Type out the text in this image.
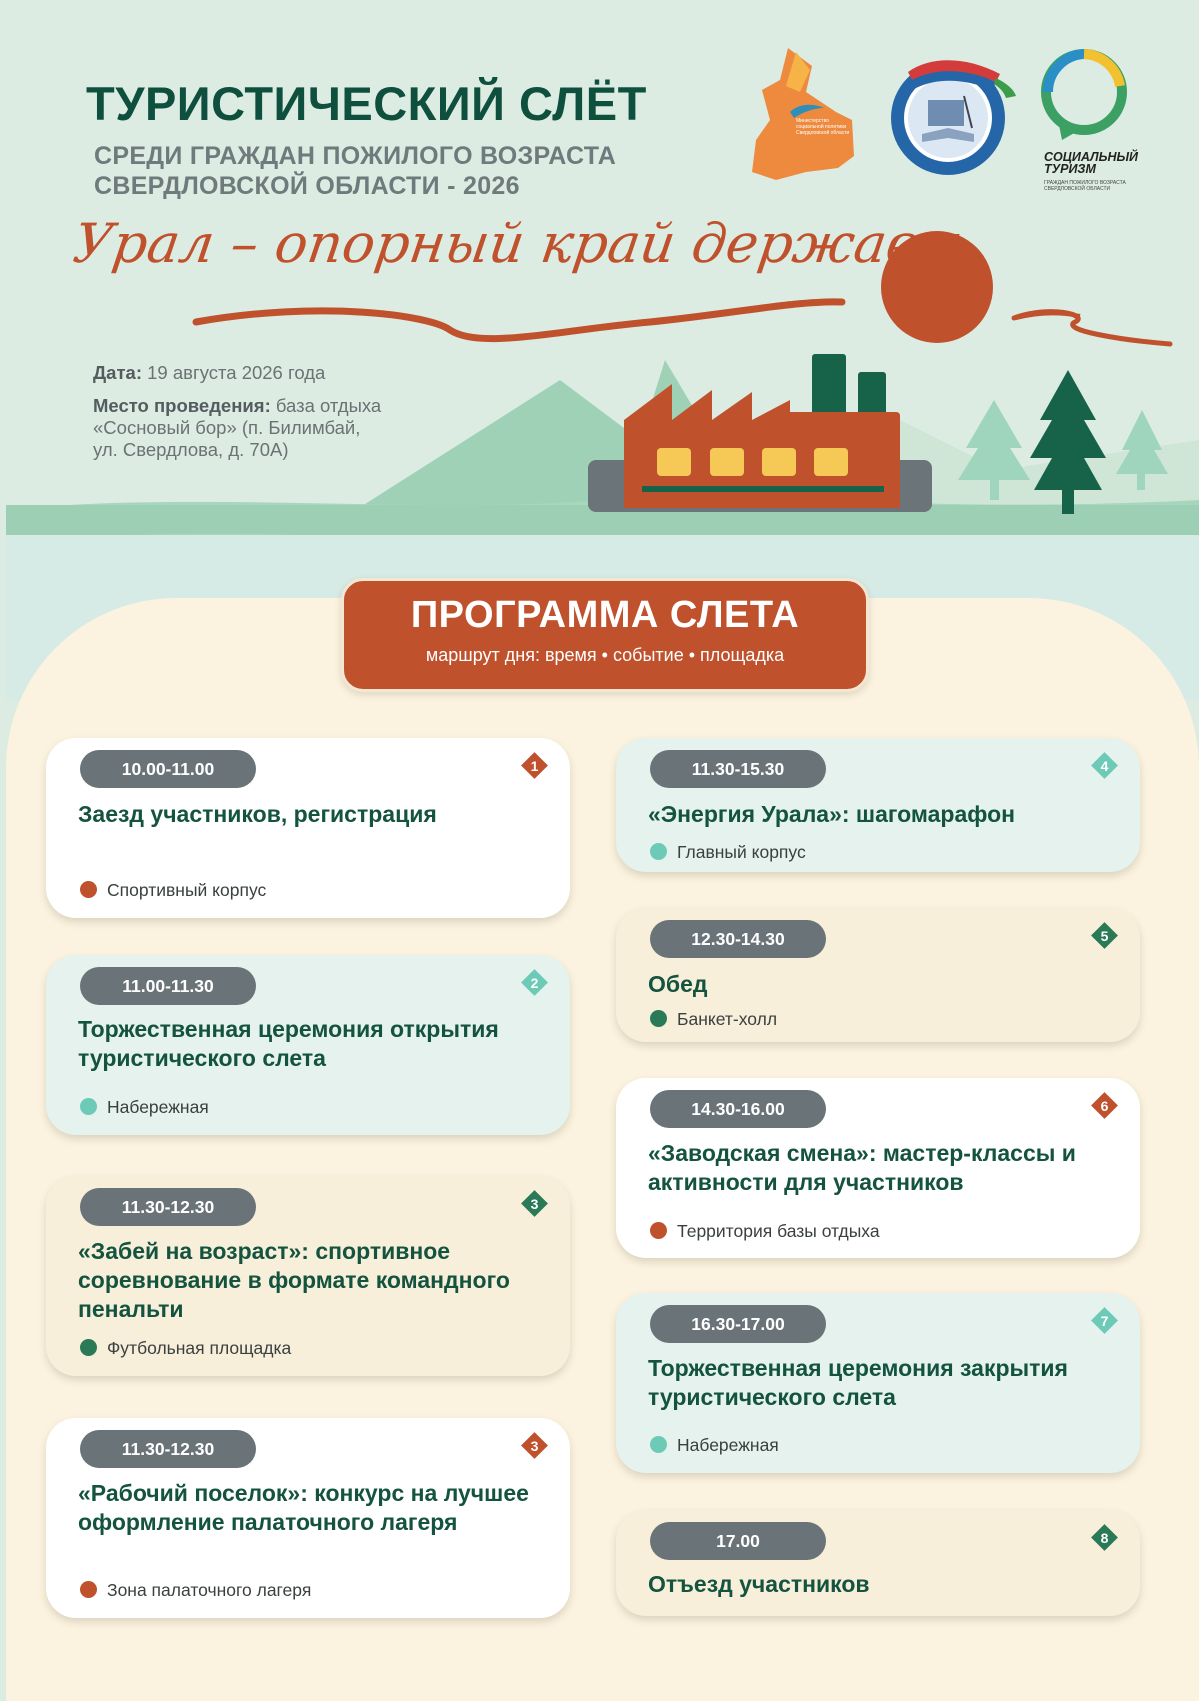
ТУРИСТИЧЕСКИЙ СЛЁТ
СРЕДИ ГРАЖДАН ПОЖИЛОГО ВОЗРАСТА
СВЕРДЛОВСКОЙ ОБЛАСТИ - 2026
Урал – опорный край державы
Дата: 19 августа 2026 года
Место проведения: база отдыха
«Сосновый бор» (п. Билимбай,
ул. Свердлова, д. 70А)
СОЦИАЛЬНЫЙ ТУРИЗМ
ГРАЖДАН ПОЖИЛОГО ВОЗРАСТА СВЕРДЛОВСКОЙ ОБЛАСТИ
Министерство социальной политики Свердловской области
ПРОГРАММА СЛЕТА
маршрут дня: время • событие • площадка
10.00-11.00	1
Заезд участников, регистрация
Спортивный корпус
11.00-11.30	2
Торжественная церемония открытия туристического слета
Набережная
11.30-12.30	3
«Забей на возраст»: спортивное соревнование в формате командного пенальти
Футбольная площадка
11.30-12.30	3
«Рабочий поселок»: конкурс на лучшее оформление палаточного лагеря
Зона палаточного лагеря
11.30-15.30	4
«Энергия Урала»: шагомарафон
Главный корпус
12.30-14.30	5
Обед
Банкет-холл
14.30-16.00	6
«Заводская смена»: мастер-классы и активности для участников
Территория базы отдыха
16.30-17.00	7
Торжественная церемония закрытия туристического слета
Набережная
17.00	8
Отъезд участников
